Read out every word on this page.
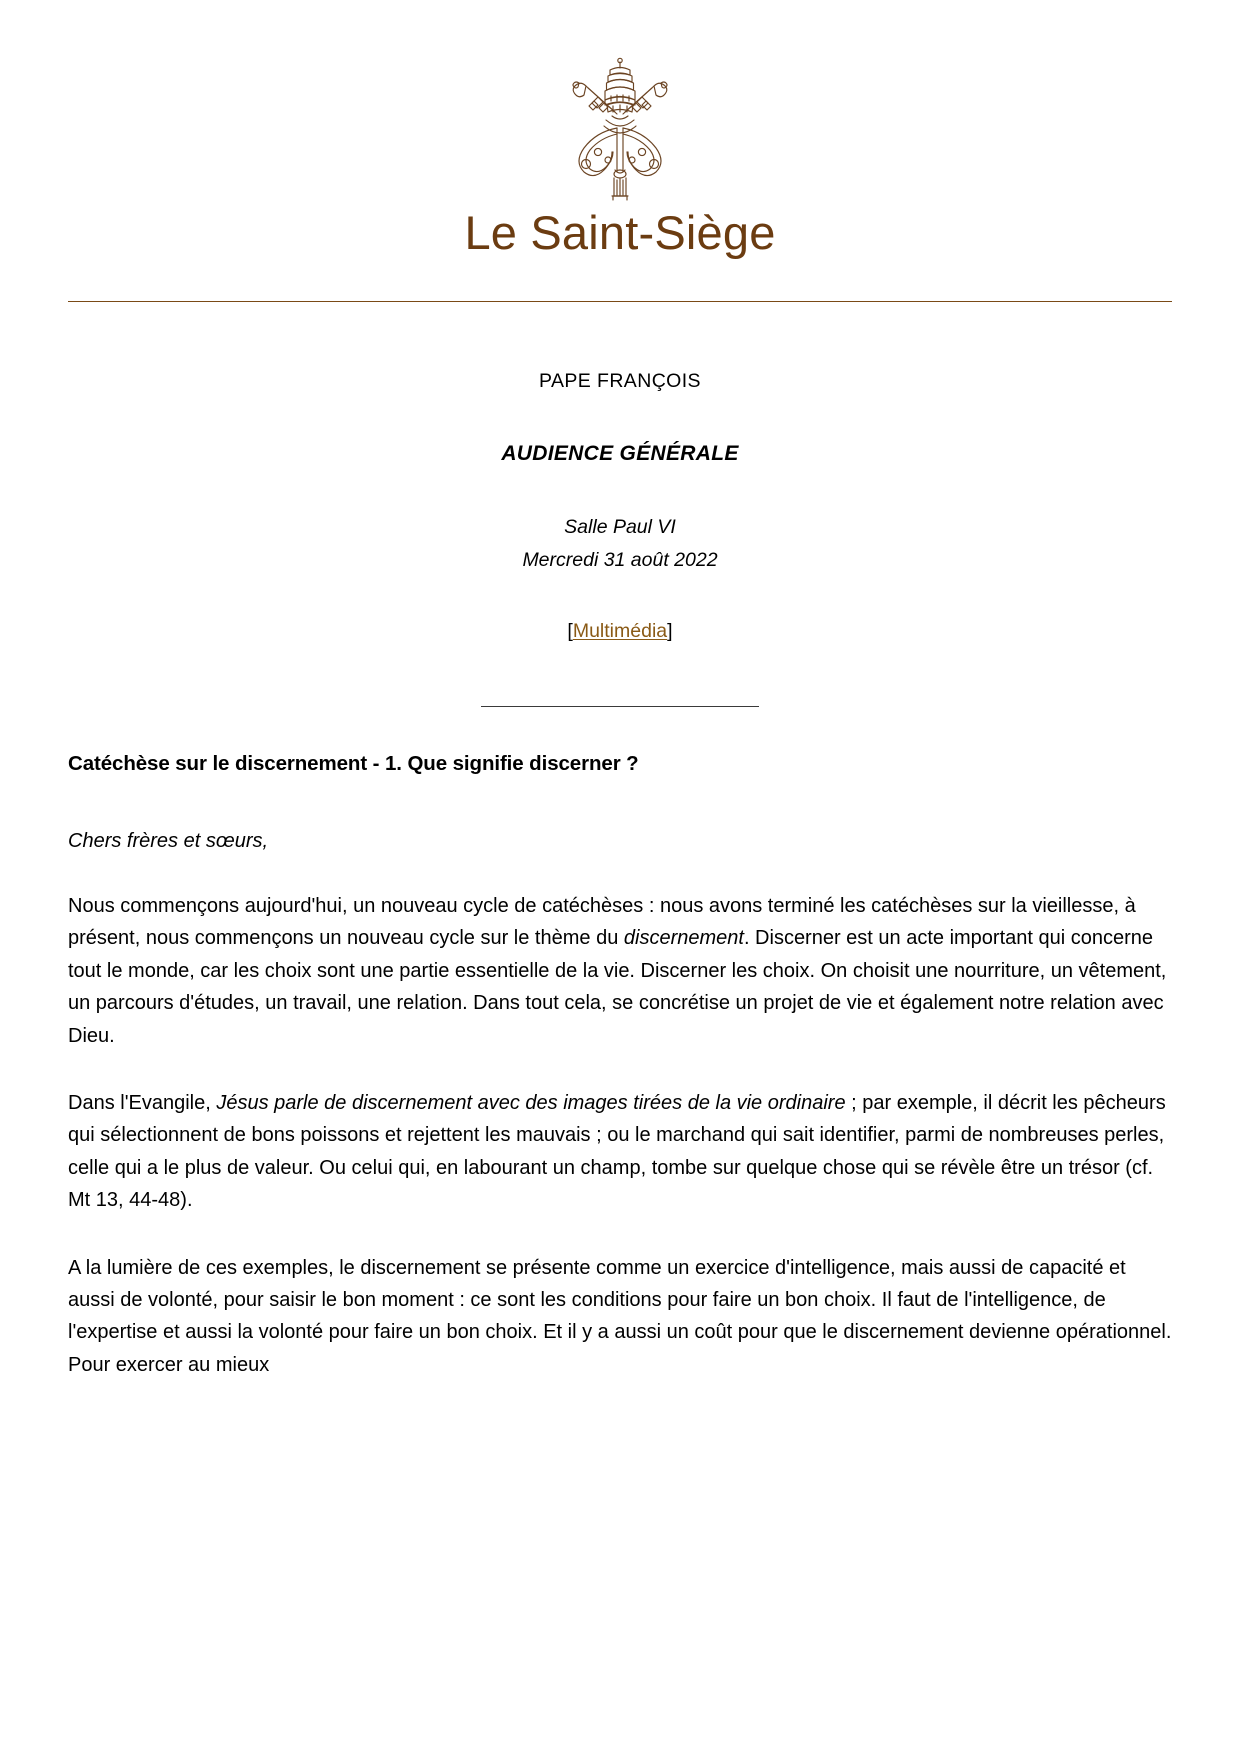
Le Saint-Siège

PAPE FRANÇOIS

AUDIENCE GÉNÉRALE

Salle Paul VI

Mercredi 31 août 2022

[Multimédia]

Catéchèse sur le discernement - 1. Que signifie discerner ?

Chers frères et sœurs,

Nous commençons aujourd'hui, un nouveau cycle de catéchèses : nous avons terminé les catéchèses sur la vieillesse, à présent, nous commençons un nouveau cycle sur le thème du discernement. Discerner est un acte important qui concerne tout le monde, car les choix sont une partie essentielle de la vie. Discerner les choix. On choisit une nourriture, un vêtement, un parcours d'études, un travail, une relation. Dans tout cela, se concrétise un projet de vie et également notre relation avec Dieu.

Dans l'Evangile, Jésus parle de discernement avec des images tirées de la vie ordinaire ; par exemple, il décrit les pêcheurs qui sélectionnent de bons poissons et rejettent les mauvais ; ou le marchand qui sait identifier, parmi de nombreuses perles, celle qui a le plus de valeur. Ou celui qui, en labourant un champ, tombe sur quelque chose qui se révèle être un trésor (cf. Mt 13, 44-48).

A la lumière de ces exemples, le discernement se présente comme un exercice d'intelligence, mais aussi de capacité et aussi de volonté, pour saisir le bon moment : ce sont les conditions pour faire un bon choix. Il faut de l'intelligence, de l'expertise et aussi la volonté pour faire un bon choix. Et il y a aussi un coût pour que le discernement devienne opérationnel. Pour exercer au mieux
